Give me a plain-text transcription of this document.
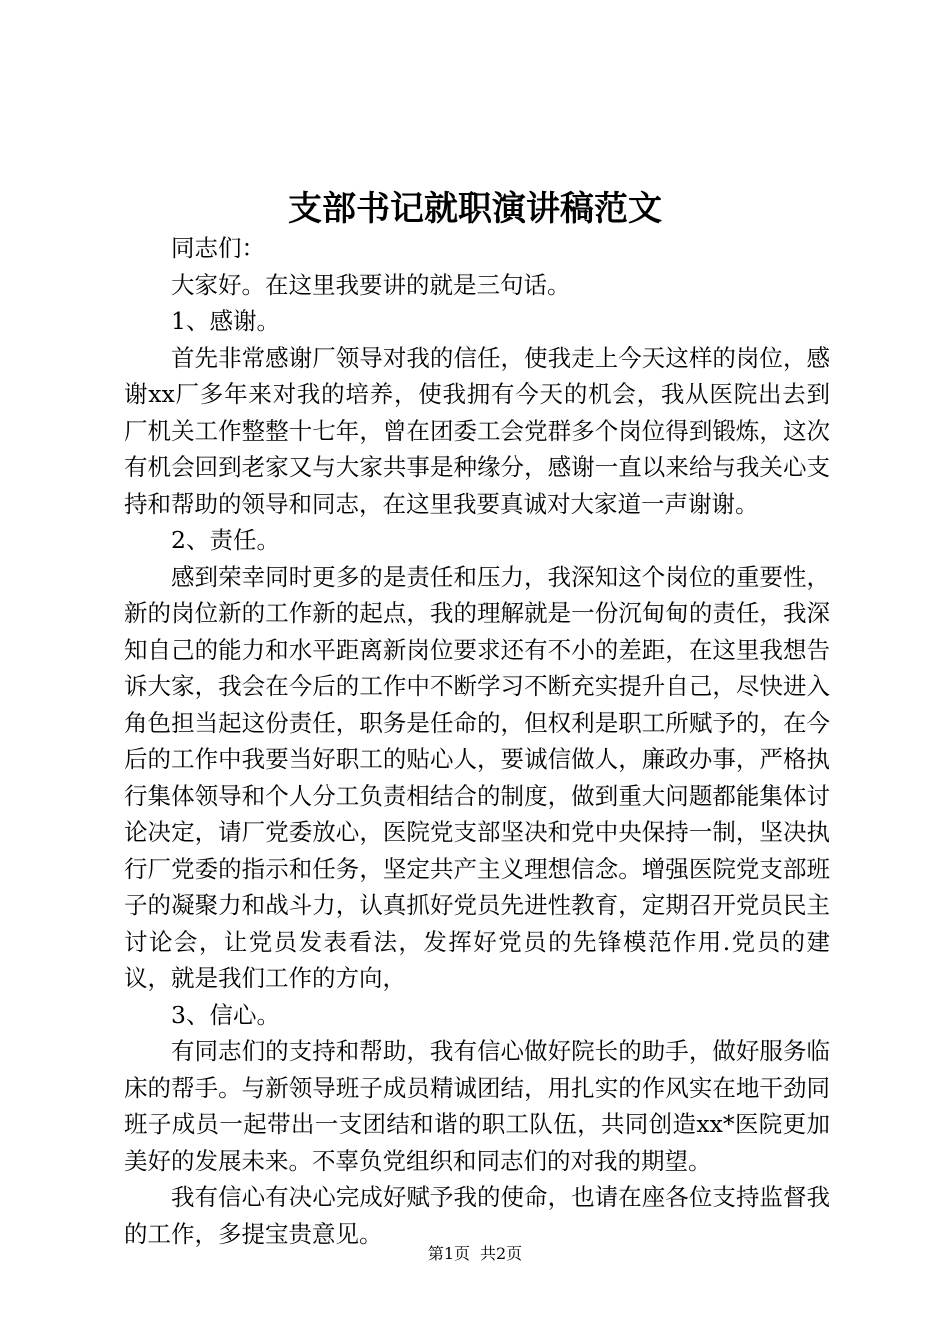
支部书记就职演讲稿范文

同志们：

大家好。在这里我要讲的就是三句话。

1、感谢。

首先非常感谢厂领导对我的信任，使我走上今天这样的岗位，感谢xx厂多年来对我的培养，使我拥有今天的机会，我从医院出去到厂机关工作整整十七年，曾在团委工会党群多个岗位得到锻炼，这次有机会回到老家又与大家共事是种缘分，感谢一直以来给与我关心支持和帮助的领导和同志，在这里我要真诚对大家道一声谢谢。

2、责任。

感到荣幸同时更多的是责任和压力，我深知这个岗位的重要性，新的岗位新的工作新的起点，我的理解就是一份沉甸甸的责任，我深知自己的能力和水平距离新岗位要求还有不小的差距，在这里我想告诉大家，我会在今后的工作中不断学习不断充实提升自己，尽快进入角色担当起这份责任，职务是任命的，但权利是职工所赋予的，在今后的工作中我要当好职工的贴心人，要诚信做人，廉政办事，严格执行集体领导和个人分工负责相结合的制度，做到重大问题都能集体讨论决定，请厂党委放心，医院党支部坚决和党中央保持一制，坚决执行厂党委的指示和任务，坚定共产主义理想信念。增强医院党支部班子的凝聚力和战斗力，认真抓好党员先进性教育，定期召开党员民主讨论会，让党员发表看法，发挥好党员的先锋模范作用.党员的建议，就是我们工作的方向，

3、信心。

有同志们的支持和帮助，我有信心做好院长的助手，做好服务临床的帮手。与新领导班子成员精诚团结，用扎实的作风实在地干劲同班子成员一起带出一支团结和谐的职工队伍，共同创造xx*医院更加美好的发展未来。不辜负党组织和同志们的对我的期望。

我有信心有决心完成好赋予我的使命，也请在座各位支持监督我的工作，多提宝贵意见。

第1页 共2页
